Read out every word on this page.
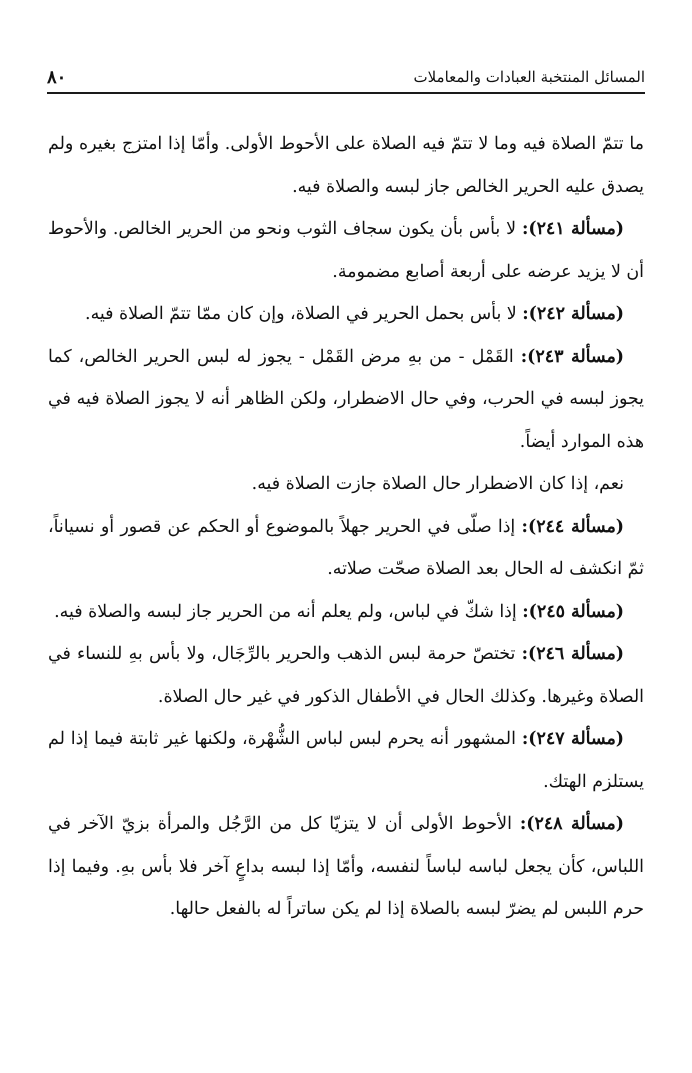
المسائل المنتخبة العبادات والمعاملات
٨٠

ما تتمّ الصلاة فيه وما لا تتمّ فيه الصلاة على الأحوط الأولى. وأمّا إذا امتزج بغيره ولم يصدق عليه الحرير الخالص جاز لبسه والصلاة فيه.

(مسألة ٢٤١): لا بأس بأن يكون سجاف الثوب ونحو من الحرير الخالص. والأحوط أن لا يزيد عرضه على أربعة أصابع مضمومة.

(مسألة ٢٤٢): لا بأس بحمل الحرير في الصلاة، وإن كان ممّا تتمّ الصلاة فيه.

(مسألة ٢٤٣): القَمْل - من بهِ مرض القَمْل - يجوز له لبس الحرير الخالص، كما يجوز لبسه في الحرب، وفي حال الاضطرار، ولكن الظاهر أنه لا يجوز الصلاة فيه في هذه الموارد أيضاً.

نعم، إذا كان الاضطرار حال الصلاة جازت الصلاة فيه.

(مسألة ٢٤٤): إذا صلّى في الحرير جهلاً بالموضوع أو الحكم عن قصور أو نسياناً، ثمّ انكشف له الحال بعد الصلاة صحّت صلاته.

(مسألة ٢٤٥): إذا شكّ في لباس، ولم يعلم أنه من الحرير جاز لبسه والصلاة فيه.

(مسألة ٢٤٦): تختصّ حرمة لبس الذهب والحرير بالرِّجَال، ولا بأس بهِ للنساء في الصلاة وغيرها. وكذلك الحال في الأطفال الذكور في غير حال الصلاة.

(مسألة ٢٤٧): المشهور أنه يحرم لبس لباس الشُّهْرة، ولكنها غير ثابتة فيما إذا لم يستلزم الهتك.

(مسألة ٢٤٨): الأحوط الأولى أن لا يتزيّا كل من الرَّجُل والمرأة بزيّ الآخر في اللباس، كأن يجعل لباسه لباساً لنفسه، وأمّا إذا لبسه بداعٍ آخر فلا بأس بهِ. وفيما إذا حرم اللبس لم يضرّ لبسه بالصلاة إذا لم يكن ساتراً له بالفعل حالها.
